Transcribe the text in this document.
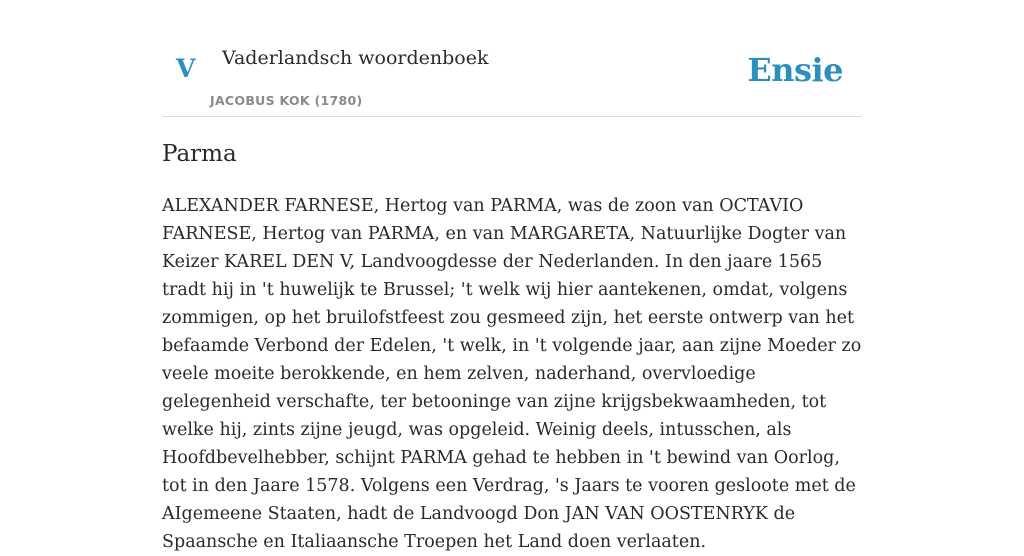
V Vaderlandsch woordenboek
JACOBUS KOK (1780)
Ensie
Parma

ALEXANDER FARNESE, Hertog van PARMA, was de zoon van OCTAVIO FARNESE, Hertog van PARMA, en van MARGARETA, Natuurlijke Dogter van Keizer KAREL DEN V, Landvoogdesse der Nederlanden. In den jaare 1565 tradt hij in 't huwelijk te Brussel; 't welk wij hier aantekenen, omdat, volgens zommigen, op het bruilofstfeest zou gesmeed zijn, het eerste ontwerp van het befaamde Verbond der Edelen, 't welk, in 't volgende jaar, aan zijne Moeder zo veele moeite berokkende, en hem zelven, naderhand, overvloedige gelegenheid verschafte, ter betooninge van zijne krijgsbekwaamheden, tot welke hij, zints zijne jeugd, was opgeleid. Weinig deels, intusschen, als Hoofdbevelhebber, schijnt PARMA gehad te hebben in 't bewind van Oorlog, tot in den Jaare 1578. Volgens een Verdrag, 's Jaars te vooren gesloote met de AIgemeene Staaten, hadt de Landvoogd Don JAN VAN OOSTENRYK de Spaansche en Italiaansche Troepen het Land doen verlaaten.
